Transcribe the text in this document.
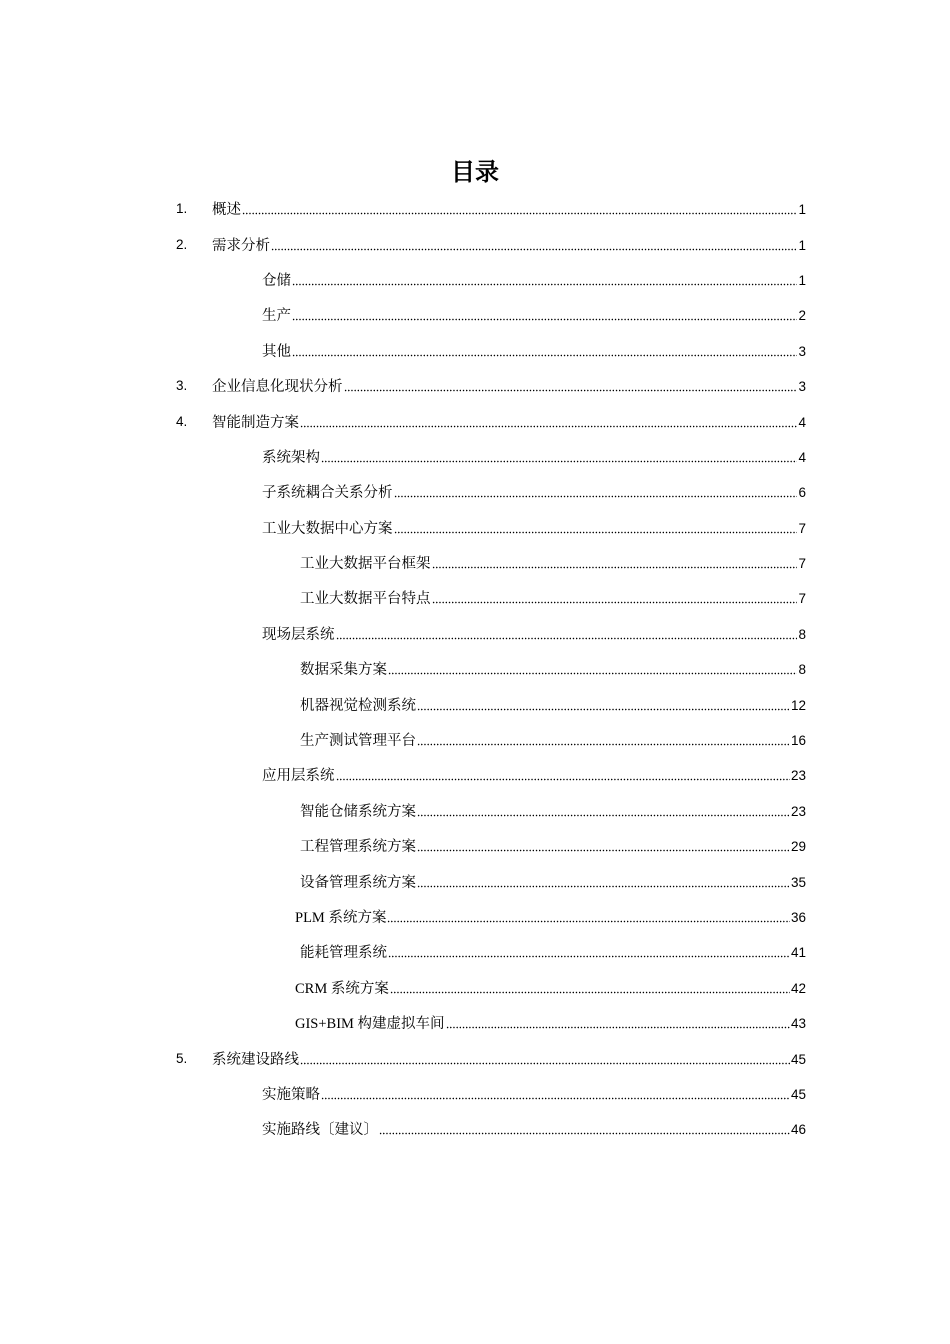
目录
1. 概述	1
2. 需求分析	1
仓储	1
生产	2
其他	3
3. 企业信息化现状分析	3
4. 智能制造方案	4
系统架构	4
子系统耦合关系分析	6
工业大数据中心方案	7
工业大数据平台框架	7
工业大数据平台特点	7
现场层系统	8
数据采集方案	8
机器视觉检测系统	12
生产测试管理平台	16
应用层系统	23
智能仓储系统方案	23
工程管理系统方案	29
设备管理系统方案	35
PLM 系统方案	36
能耗管理系统	41
CRM 系统方案	42
GIS+BIM 构建虚拟车间	43
5. 系统建设路线	45
实施策略	45
实施路线〔建议〕	46
